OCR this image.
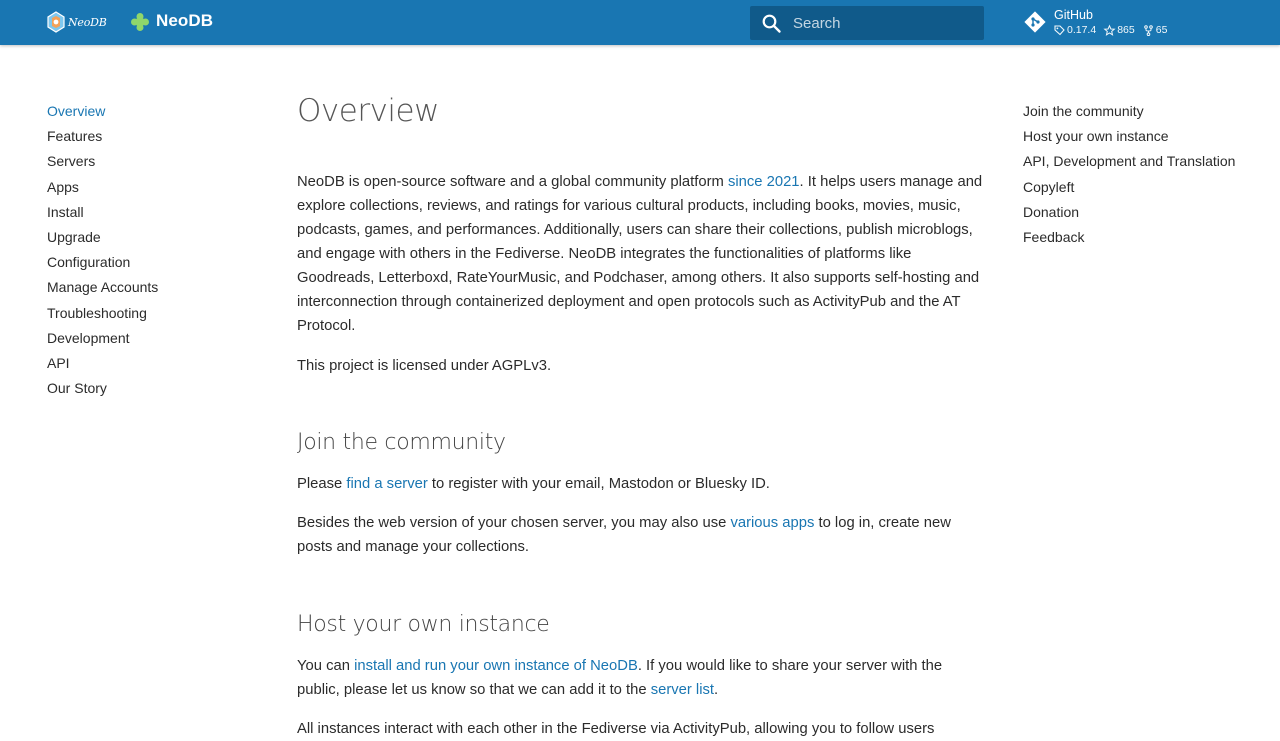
NeoDB	NeoDB
Search	GitHub
0.17.4 865 65
Overview
Features
Servers
Apps
Install
Upgrade
Configuration
Manage Accounts
Troubleshooting
Development
API
Our Story
Overview

NeoDB is open-source software and a global community platform since 2021. It helps users manage and explore collections, reviews, and ratings for various cultural products, including books, movies, music, podcasts, games, and performances. Additionally, users can share their collections, publish microblogs, and engage with others in the Fediverse. NeoDB integrates the functionalities of platforms like Goodreads, Letterboxd, RateYourMusic, and Podchaser, among others. It also supports self-hosting and interconnection through containerized deployment and open protocols such as ActivityPub and the AT Protocol.

This project is licensed under AGPLv3.

Join the community

Please find a server to register with your email, Mastodon or Bluesky ID.

Besides the web version of your chosen server, you may also use various apps to log in, create new posts and manage your collections.

Host your own instance

You can install and run your own instance of NeoDB. If you would like to share your server with the public, please let us know so that we can add it to the server list.

All instances interact with each other in the Fediverse via ActivityPub, allowing you to follow users

Join the community
Host your own instance
API, Development and Translation
Copyleft
Donation
Feedback
